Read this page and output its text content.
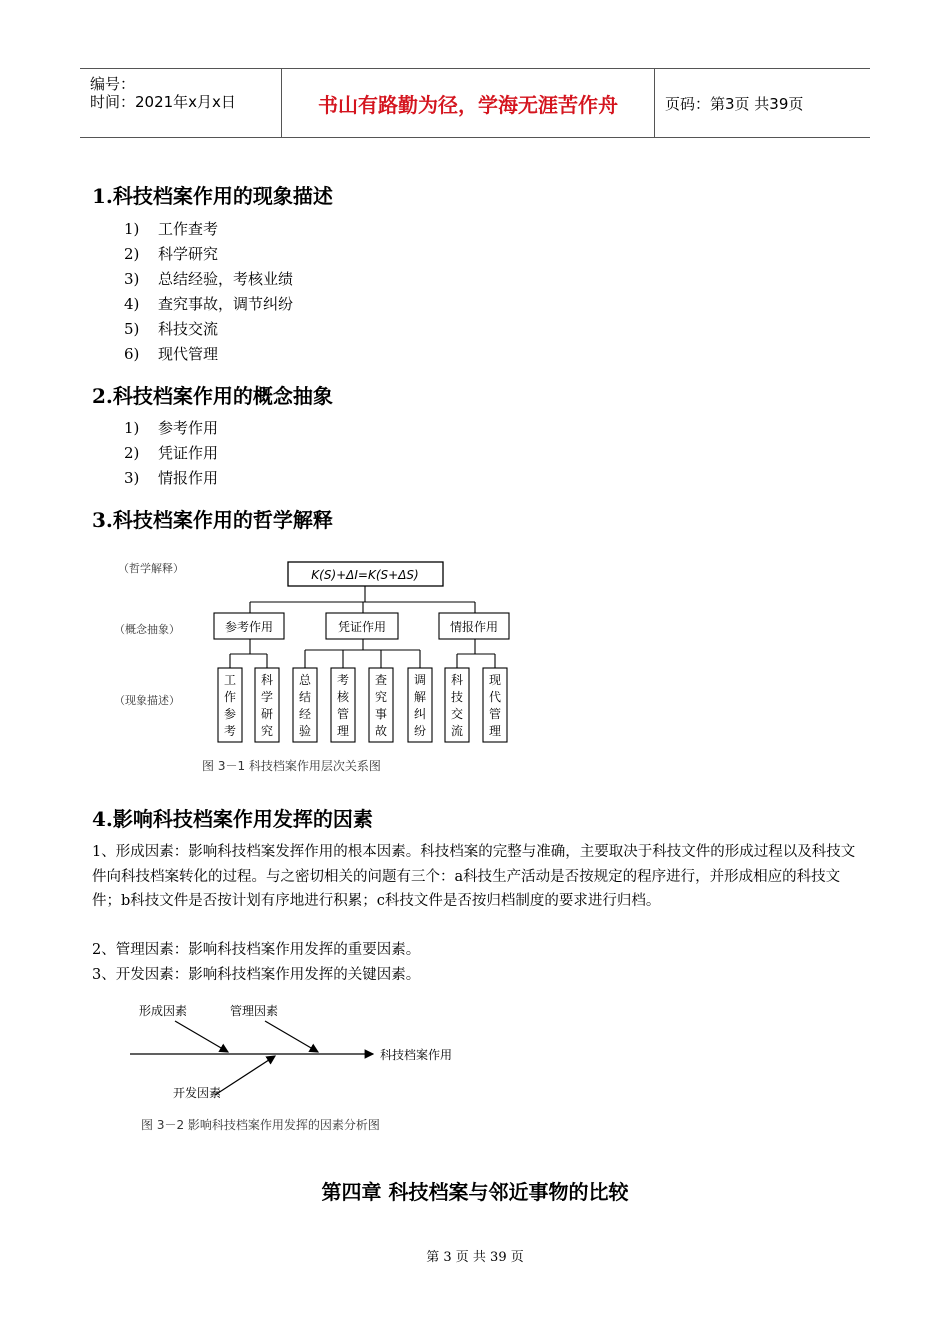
编号：
时间：2021年x月x日	书山有路勤为径，学海无涯苦作舟	页码：第3页 共39页
1.科技档案作用的现象描述
1)	工作查考
2)	科学研究
3)	总结经验，考核业绩
4)	查究事故，调节纠纷
5)	科技交流
6)	现代管理
2.科技档案作用的概念抽象
1)	参考作用
2)	凭证作用
3)	情报作用
3.科技档案作用的哲学解释
（哲学解释）
（概念抽象）
（现象描述）
K(S)+ΔI=K(S+ΔS)
参考作用	凭证作用	情报作用
工作参考
科学研究
总结经验
考核管理
查究事故
调解纠纷
科技交流
现代管理
图 3－1 科技档案作用层次关系图
4.影响科技档案作用发挥的因素

1、形成因素：影响科技档案发挥作用的根本因素。科技档案的完整与准确，主要取决于科技文件的形成过程以及科技文件向科技档案转化的过程。与之密切相关的问题有三个：a科技生产活动是否按规定的程序进行，并形成相应的科技文件；b科技文件是否按计划有序地进行积累；c科技文件是否按归档制度的要求进行归档。

2、管理因素：影响科技档案作用发挥的重要因素。

3、开发因素：影响科技档案作用发挥的关键因素。

形成因素	管理因素
开发因素
科技档案作用
图 3－2 影响科技档案作用发挥的因素分析图
第四章 科技档案与邻近事物的比较
第 3 页 共 39 页
